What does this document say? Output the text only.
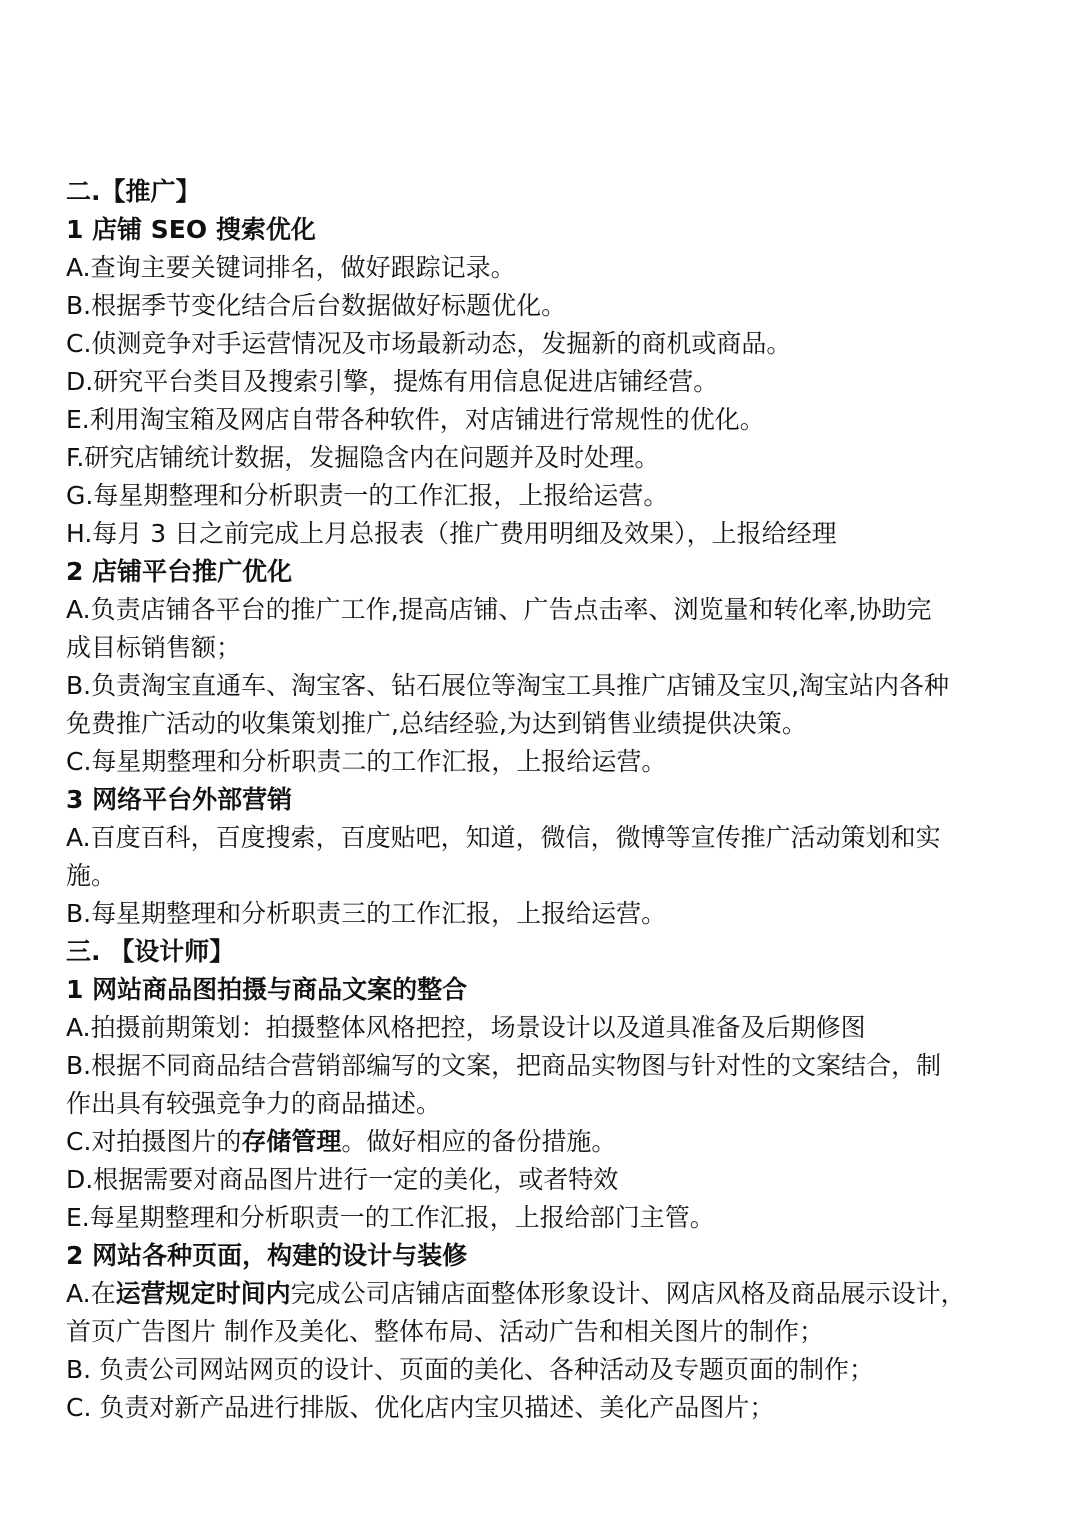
二.【推广】

1 店铺 SEO 搜索优化

A.查询主要关键词排名，做好跟踪记录。

B.根据季节变化结合后台数据做好标题优化。

C.侦测竞争对手运营情况及市场最新动态，发掘新的商机或商品。

D.研究平台类目及搜索引擎，提炼有用信息促进店铺经营。

E.利用淘宝箱及网店自带各种软件，对店铺进行常规性的优化。

F.研究店铺统计数据，发掘隐含内在问题并及时处理。

G.每星期整理和分析职责一的工作汇报，上报给运营。

H.每月 3 日之前完成上月总报表（推广费用明细及效果），上报给经理

2 店铺平台推广优化

A.负责店铺各平台的推广工作,提高店铺、广告点击率、浏览量和转化率,协助完

成目标销售额；

B.负责淘宝直通车、淘宝客、钻石展位等淘宝工具推广店铺及宝贝,淘宝站内各种

免费推广活动的收集策划推广,总结经验,为达到销售业绩提供决策。

C.每星期整理和分析职责二的工作汇报，上报给运营。

3 网络平台外部营销

A.百度百科，百度搜索，百度贴吧，知道，微信，微博等宣传推广活动策划和实

施。

B.每星期整理和分析职责三的工作汇报，上报给运营。

三. 【设计师】

1 网站商品图拍摄与商品文案的整合

A.拍摄前期策划：拍摄整体风格把控，场景设计以及道具准备及后期修图

B.根据不同商品结合营销部编写的文案，把商品实物图与针对性的文案结合，制

作出具有较强竞争力的商品描述。

C.对拍摄图片的存储管理。做好相应的备份措施。

D.根据需要对商品图片进行一定的美化，或者特效

E.每星期整理和分析职责一的工作汇报，上报给部门主管。

2 网站各种页面，构建的设计与装修

A.在运营规定时间内完成公司店铺店面整体形象设计、网店风格及商品展示设计，

首页广告图片 制作及美化、整体布局、活动广告和相关图片的制作；

B. 负责公司网站网页的设计、页面的美化、各种活动及专题页面的制作；

C. 负责对新产品进行排版、优化店内宝贝描述、美化产品图片；
